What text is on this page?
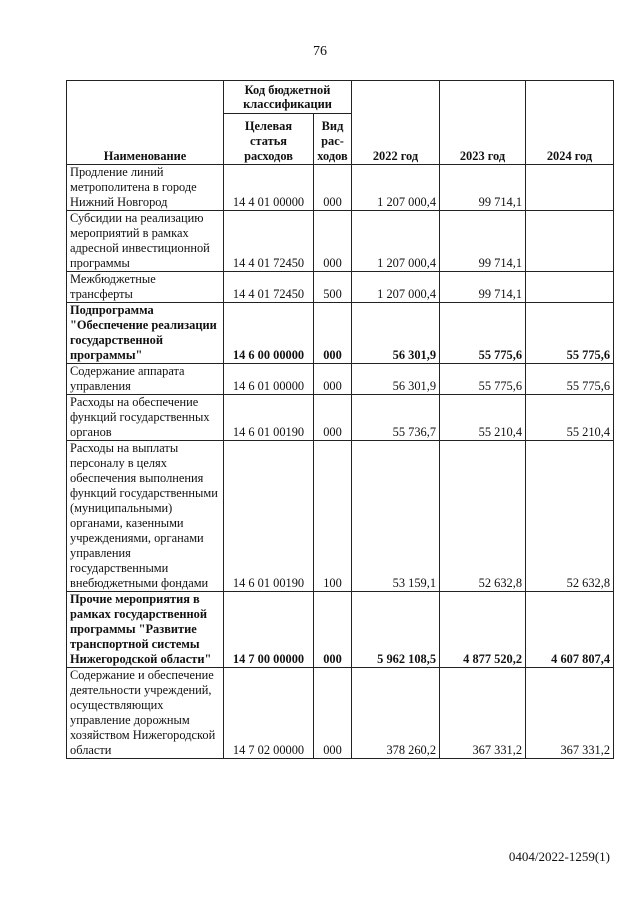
76
Наименование	Код бюджетной классификации		2022 год	2023 год	2024 год
	Целевая статья расходов	Вид рас-ходов			
Продление линий метрополитена в городе Нижний Новгород	14 4 01 00000	000	1 207 000,4	99 714,1	
Субсидии на реализацию мероприятий в рамках адресной инвестиционной программы	14 4 01 72450	000	1 207 000,4	99 714,1	
Межбюджетные трансферты	14 4 01 72450	500	1 207 000,4	99 714,1	
Подпрограмма "Обеспечение реализации государственной программы"	14 6 00 00000	000	56 301,9	55 775,6	55 775,6
Содержание аппарата управления	14 6 01 00000	000	56 301,9	55 775,6	55 775,6
Расходы на обеспечение функций государственных органов	14 6 01 00190	000	55 736,7	55 210,4	55 210,4
Расходы на выплаты персоналу в целях обеспечения выполнения функций государственными (муниципальными) органами, казенными учреждениями, органами управления государственными внебюджетными фондами	14 6 01 00190	100	53 159,1	52 632,8	52 632,8
Прочие мероприятия в рамках государственной программы "Развитие транспортной системы Нижегородской области"	14 7 00 00000	000	5 962 108,5	4 877 520,2	4 607 807,4
Содержание и обеспечение деятельности учреждений, осуществляющих управление дорожным хозяйством Нижегородской области	14 7 02 00000	000	378 260,2	367 331,2	367 331,2
0404/2022-1259(1)
